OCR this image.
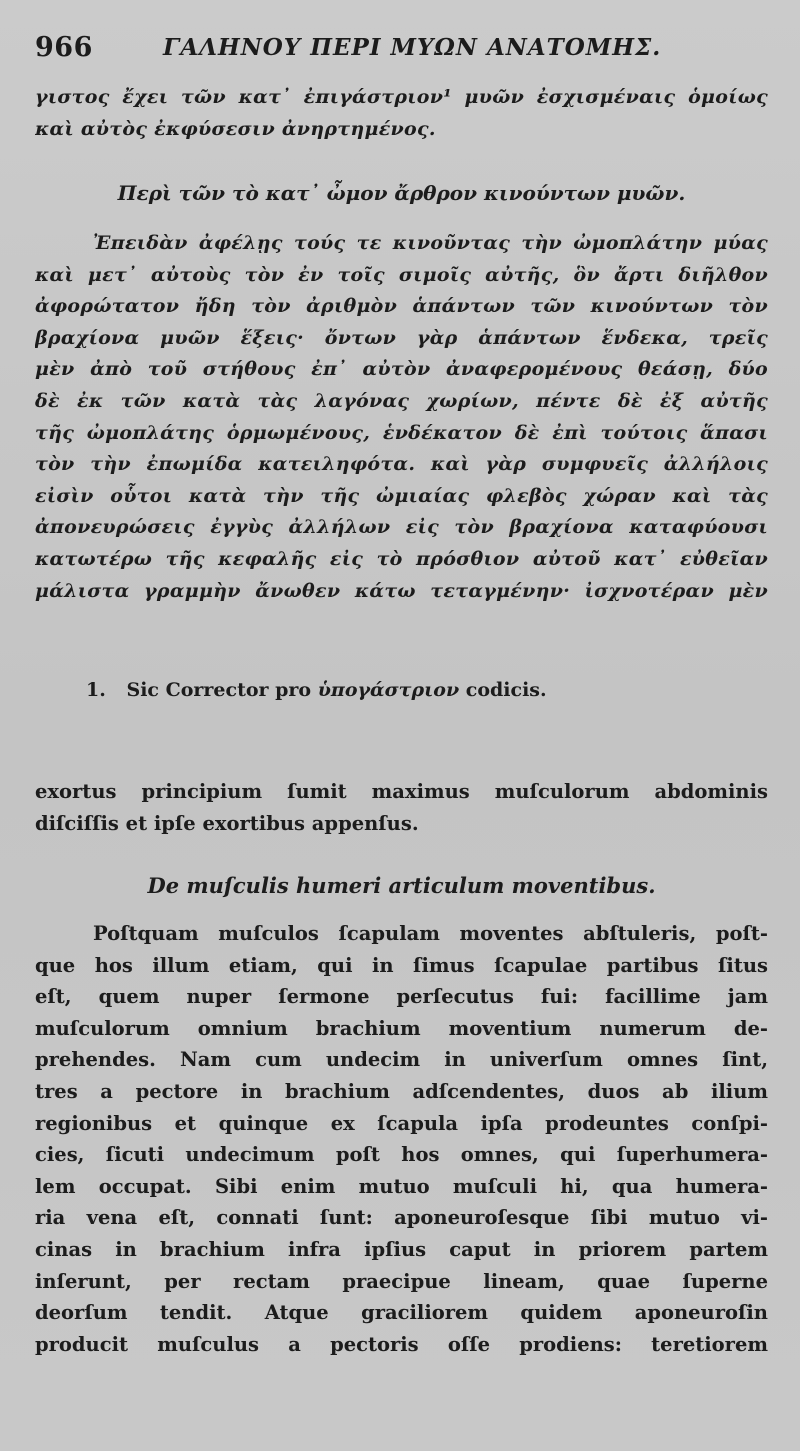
966	ΓΑΛΗΝΟΥ ΠΕΡΙ ΜΥΩΝ ΑΝΑΤΟΜΗΣ.
γιστος ἔχει τῶν κατ᾽ ἐπιγάστριον¹ μυῶν ἐσχισμέναις ὁμοίως
καὶ αὐτὸς ἐκφύσεσιν ἀνηρτημένος.
Περὶ τῶν τὸ κατ᾽ ὦμον ἄρθρον κινούντων μυῶν.
Ἐπειδὰν ἀφέλῃς τούς τε κινοῦντας τὴν ὠμοπλάτην μύας
καὶ μετ᾽ αὐτοὺς τὸν ἐν τοῖς σιμοῖς αὐτῆς, ὃν ἄρτι διῆλθον
ἀφορώτατον ἤδη τὸν ἀριθμὸν ἁπάντων τῶν κινούντων τὸν
βραχίονα μυῶν ἕξεις· ὄντων γὰρ ἁπάντων ἕνδεκα, τρεῖς
μὲν ἀπὸ τοῦ στήθους ἐπ᾽ αὐτὸν ἀναφερομένους θεάσῃ, δύο
δὲ ἐκ τῶν κατὰ τὰς λαγόνας χωρίων, πέντε δὲ ἐξ αὐτῆς
τῆς ὠμοπλάτης ὁρμωμένους, ἑνδέκατον δὲ ἐπὶ τούτοις ἅπασι
τὸν τὴν ἐπωμίδα κατειληφότα. καὶ γὰρ συμφυεῖς ἀλλήλοις
εἰσὶν οὗτοι κατὰ τὴν τῆς ὠμιαίας φλεβὸς χώραν καὶ τὰς
ἀπονευρώσεις ἐγγὺς ἀλλήλων εἰς τὸν βραχίονα καταφύουσι
κατωτέρω τῆς κεφαλῆς εἰς τὸ πρόσθιον αὐτοῦ κατ᾽ εὐθεῖαν
μάλιστα γραμμὴν ἄνωθεν κάτω τεταγμένην· ἰσχνοτέραν μὲν
1. Sic Corrector pro ὑπογάστριον codicis.
exortus principium ſumit maximus muſculorum abdominis
diſciſſis et ipſe exortibus appenſus.
De muſculis humeri articulum moventibus.
Poſtquam muſculos ſcapulam moventes abſtuleris, poſt-
que hos illum etiam, qui in ſimus ſcapulae partibus ſitus
eſt, quem nuper ſermone perſecutus fui: facillime jam
muſculorum omnium brachium moventium numerum de-
prehendes. Nam cum undecim in univerſum omnes ſint,
tres a pectore in brachium adſcendentes, duos ab ilium
regionibus et quinque ex ſcapula ipſa prodeuntes conſpi-
cies, ſicuti undecimum poſt hos omnes, qui ſuperhumera-
lem occupat. Sibi enim mutuo muſculi hi, qua humera-
ria vena eſt, connati ſunt: aponeuroſesque ſibi mutuo vi-
cinas in brachium infra ipſius caput in priorem partem
inſerunt, per rectam praecipue lineam, quae ſuperne
deorſum tendit. Atque graciliorem quidem aponeuroſin
producit muſculus a pectoris oſſe prodiens: teretiorem
